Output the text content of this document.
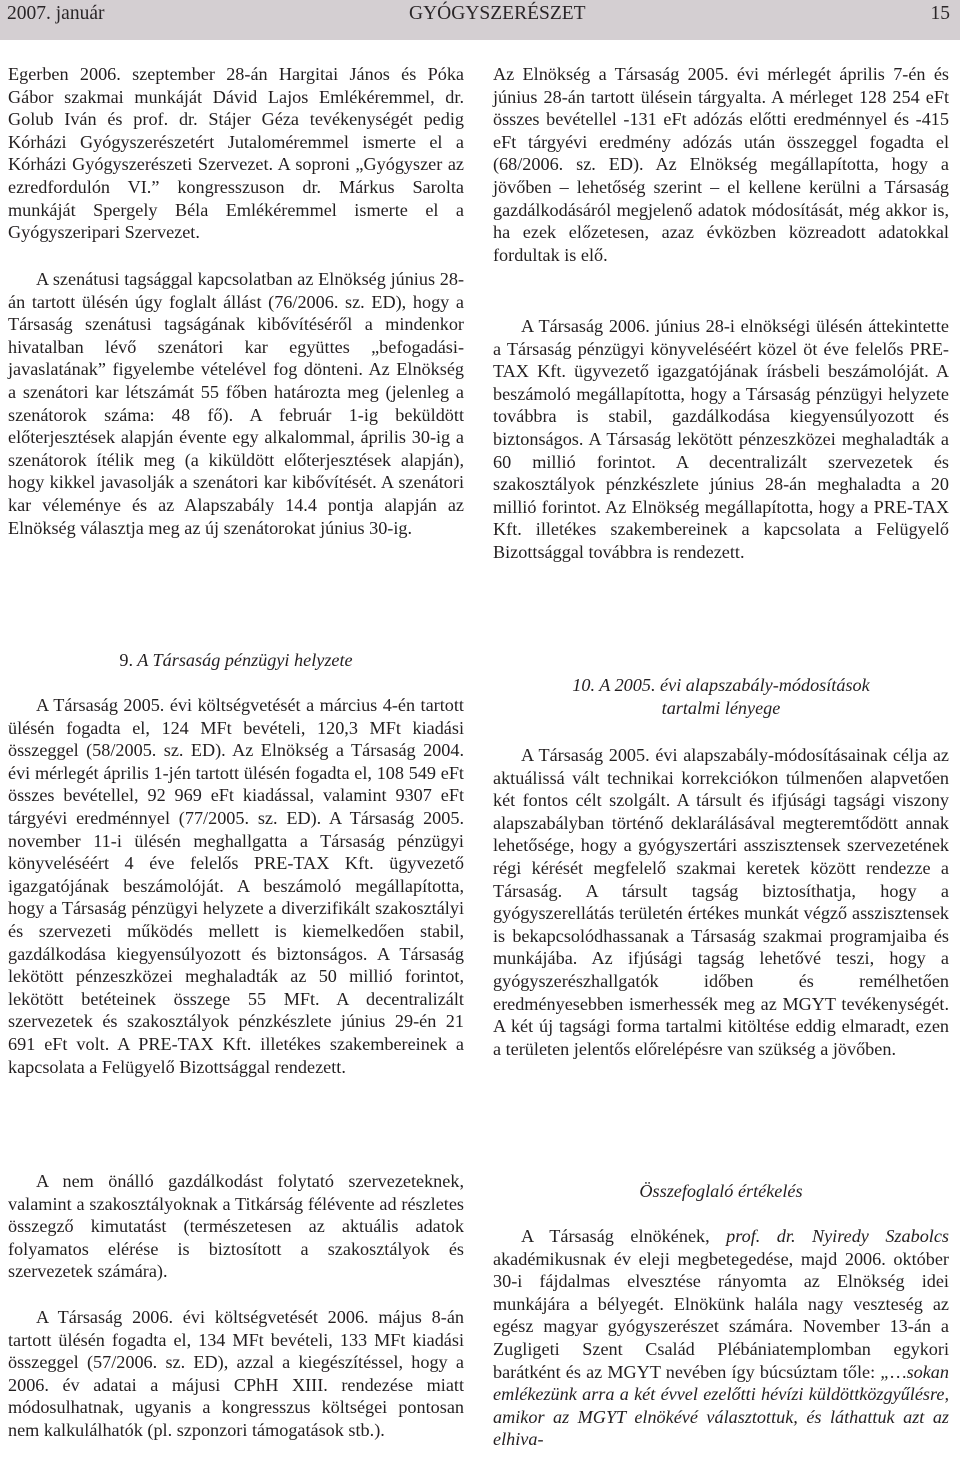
2007. január	GYÓGYSZERÉSZET	15

Egerben 2006. szeptember 28-án Hargitai János és Póka Gábor szakmai munkáját Dávid Lajos Emlékéremmel, dr. Golub Iván és prof. dr. Stájer Géza tevékenységét pedig Kórházi Gyógyszerészetért Jutaloméremmel ismerte el a Kórházi Gyógyszerészeti Szervezet. A soproni „Gyógyszer az ezredfordulón VI.” kongresszuson dr. Márkus Sarolta munkáját Spergely Béla Emlékéremmel ismerte el a Gyógyszeripari Szervezet.

A szenátusi tagsággal kapcsolatban az Elnökség június 28-án tartott ülésén úgy foglalt állást (76/2006. sz. ED), hogy a Társaság szenátusi tagságának kibővítéséről a mindenkor hivatalban lévő szenátori kar együttes „befogadási-javaslatának” figyelembe vételével fog dönteni. Az Elnökség a szenátori kar létszámát 55 főben határozta meg (jelenleg a szenátorok száma: 48 fő). A február 1-ig beküldött előterjesztések alapján évente egy alkalommal, április 30-ig a szenátorok ítélik meg (a kiküldött előterjesztések alapján), hogy kikkel javasolják a szenátori kar kibővítését. A szenátori kar véleménye és az Alapszabály 14.4 pontja alapján az Elnökség választja meg az új szenátorokat június 30-ig.

Az Elnökség a Társaság 2005. évi mérlegét április 7-én és június 28-án tartott ülésein tárgyalta. A mérleget 128 254 eFt összes bevétellel -131 eFt adózás előtti eredménnyel és -415 eFt tárgyévi eredmény adózás után összeggel fogadta el (68/2006. sz. ED). Az Elnökség megállapította, hogy a jövőben – lehetőség szerint – el kellene kerülni a Társaság gazdálkodásáról megjelenő adatok módosítását, még akkor is, ha ezek előzetesen, azaz évközben közreadott adatokkal fordultak is elő.

A Társaság 2006. június 28-i elnökségi ülésén áttekintette a Társaság pénzügyi könyveléséért közel öt éve felelős PRE-TAX Kft. ügyvezető igazgatójának írásbeli beszámolóját. A beszámoló megállapította, hogy a Társaság pénzügyi helyzete továbbra is stabil, gazdálkodása kiegyensúlyozott és biztonságos. A Társaság lekötött pénzeszközei meghaladták a 60 millió forintot. A decentralizált szervezetek és szakosztályok pénzkészlete június 28-án meghaladta a 20 millió forintot. Az Elnökség megállapította, hogy a PRE-TAX Kft. illetékes szakembereinek a kapcsolata a Felügyelő Bizottsággal továbbra is rendezett.

9. A Társaság pénzügyi helyzete

A Társaság 2005. évi költségvetését a március 4-én tartott ülésén fogadta el, 124 MFt bevételi, 120,3 MFt kiadási összeggel (58/2005. sz. ED). Az Elnökség a Társaság 2004. évi mérlegét április 1-jén tartott ülésén fogadta el, 108 549 eFt összes bevétellel, 92 969 eFt kiadással, valamint 9307 eFt tárgyévi eredménnyel (77/2005. sz. ED). A Társaság 2005. november 11-i ülésén meghallgatta a Társaság pénzügyi könyveléséért 4 éve felelős PRE-TAX Kft. ügyvezető igazgatójának beszámolóját. A beszámoló megállapította, hogy a Társaság pénzügyi helyzete a diverzifikált szakosztályi és szervezeti működés mellett is kiemelkedően stabil, gazdálkodása kiegyensúlyozott és biztonságos. A Társaság lekötött pénzeszközei meghaladták az 50 millió forintot, lekötött betéteinek összege 55 MFt. A decentralizált szervezetek és szakosztályok pénzkészlete június 29-én 21 691 eFt volt. A PRE-TAX Kft. illetékes szakembereinek a kapcsolata a Felügyelő Bizottsággal rendezett.

A nem önálló gazdálkodást folytató szervezeteknek, valamint a szakosztályoknak a Titkárság félévente ad részletes összegző kimutatást (természetesen az aktuális adatok folyamatos elérése is biztosított a szakosztályok és szervezetek számára).

A Társaság 2006. évi költségvetését 2006. május 8-án tartott ülésén fogadta el, 134 MFt bevételi, 133 MFt kiadási összeggel (57/2006. sz. ED), azzal a kiegészítéssel, hogy a 2006. év adatai a májusi CPhH XIII. rendezése miatt módosulhatnak, ugyanis a kongresszus költségei pontosan nem kalkulálhatók (pl. szponzori támogatások stb.).

10. A 2005. évi alapszabály-módosítások
tartalmi lényege

A Társaság 2005. évi alapszabály-módosításainak célja az aktuálissá vált technikai korrekciókon túlmenően alapvetően két fontos célt szolgált. A társult és ifjúsági tagsági viszony alapszabályban történő deklarálásával megteremtődött annak lehetősége, hogy a gyógyszertári asszisztensek szervezetének régi kérését megfelelő szakmai keretek között rendezze a Társaság. A társult tagság biztosíthatja, hogy a gyógyszerellátás területén értékes munkát végző asszisztensek is bekapcsolódhassanak a Társaság szakmai programjaiba és munkájába. Az ifjúsági tagság lehetővé teszi, hogy a gyógyszerészhallgatók időben és remélhetően eredményesebben ismerhessék meg az MGYT tevékenységét. A két új tagsági forma tartalmi kitöltése eddig elmaradt, ezen a területen jelentős előrelépésre van szükség a jövőben.

Összefoglaló értékelés

A Társaság elnökének, prof. dr. Nyiredy Szabolcs akadémikusnak év eleji megbetegedése, majd 2006. október 30-i fájdalmas elvesztése rányomta az Elnökség idei munkájára a bélyegét. Elnökünk halála nagy veszteség az egész magyar gyógyszerészet számára. November 13-án a Zugligeti Szent Család Plébániatemplomban egykori barátként és az MGYT nevében így búcsúztam tőle: „…sokan emlékezünk arra a két évvel ezelőtti hévízi küldöttközgyűlésre, amikor az MGYT elnökévé választottuk, és láthattuk azt az elhiva-
